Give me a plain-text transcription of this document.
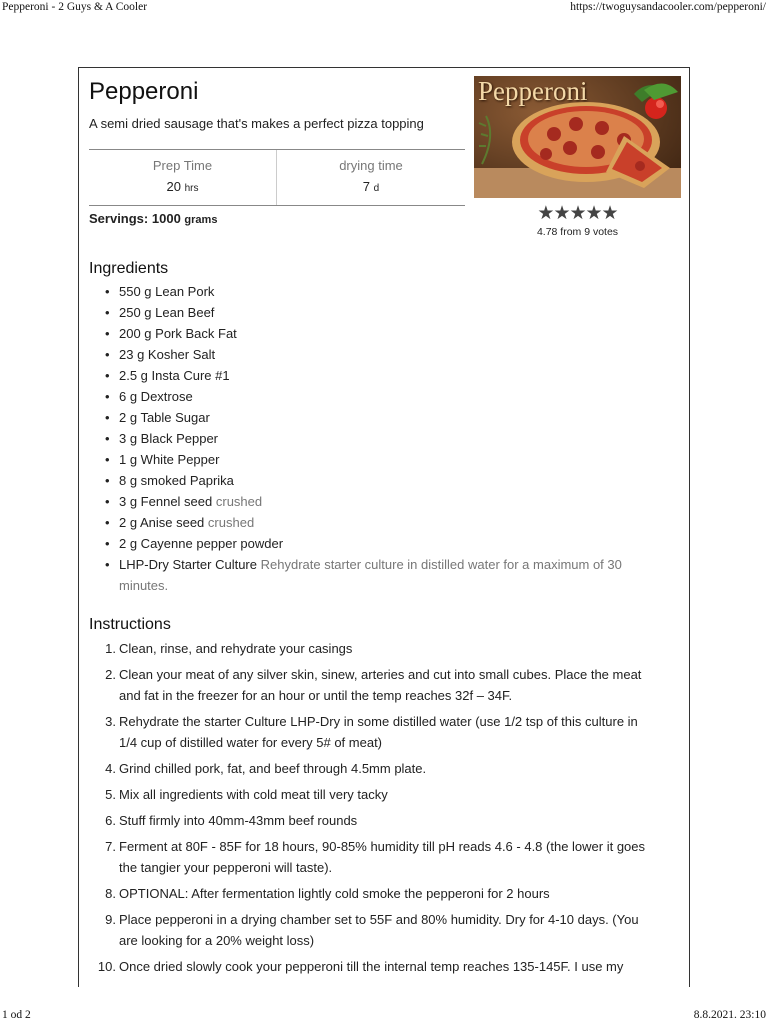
Pepperoni - 2 Guys & A Cooler	https://twoguysandacooler.com/pepperoni/
Pepperoni
A semi dried sausage that's makes a perfect pizza topping
Prep Time
20 hrs
drying time
7 d
Servings: 1000 grams
Pepperoni
★★★★★
4.78 from 9 votes
Ingredients
• 550 g Lean Pork
• 250 g Lean Beef
• 200 g Pork Back Fat
• 23 g Kosher Salt
• 2.5 g Insta Cure #1
• 6 g Dextrose
• 2 g Table Sugar
• 3 g Black Pepper
• 1 g White Pepper
• 8 g smoked Paprika
• 3 g Fennel seed crushed
• 2 g Anise seed crushed
• 2 g Cayenne pepper powder
• LHP-Dry Starter Culture Rehydrate starter culture in distilled water for a maximum of 30 minutes.
Instructions
1. Clean, rinse, and rehydrate your casings
2. Clean your meat of any silver skin, sinew, arteries and cut into small cubes. Place the meat and fat in the freezer for an hour or until the temp reaches 32f – 34F.
3. Rehydrate the starter Culture LHP-Dry in some distilled water (use 1/2 tsp of this culture in 1/4 cup of distilled water for every 5# of meat)
4. Grind chilled pork, fat, and beef through 4.5mm plate.
5. Mix all ingredients with cold meat till very tacky
6. Stuff firmly into 40mm-43mm beef rounds
7. Ferment at 80F - 85F for 18 hours, 90-85% humidity till pH reads 4.6 - 4.8 (the lower it goes the tangier your pepperoni will taste).
8. OPTIONAL: After fermentation lightly cold smoke the pepperoni for 2 hours
9. Place pepperoni in a drying chamber set to 55F and 80% humidity. Dry for 4-10 days. (You are looking for a 20% weight loss)
10. Once dried slowly cook your pepperoni till the internal temp reaches 135-145F. I use my
1 od 2	8.8.2021. 23:10
